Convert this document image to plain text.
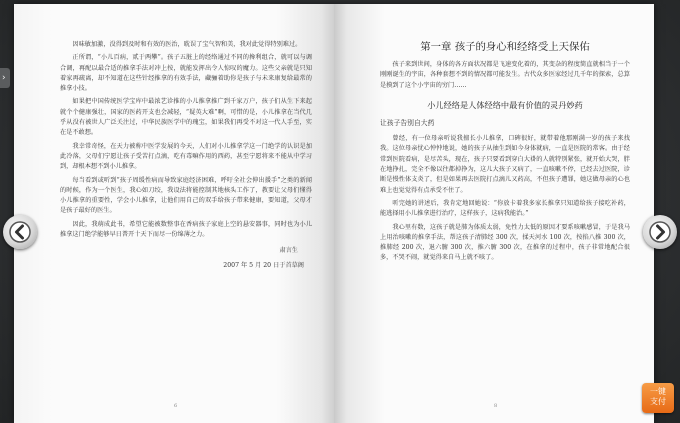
因味敏加激，没得到及时和有效的医治，耽误了宝气智和美，我对此觉得特别难过。

正所谓，“小儿百病，贰于两攀”。孩子五脏上的经络通过不同的搀利组合，就可以与调合调，再配以最合适的推拿手法对冲上按，就能发挥出令人惊叹的魔力。这些父亲就是只知着家再疏离，却不知道在这些针经推拿的有效手法，藏骊着助你是孩子与未来康复给最常的推拿小技。

如果把中国传统医学宝库中最浓艺诊推的小儿推拿推广到千家万户，孩子们从生下来起就个个健康强壮，国家的医药开支也会减轻，“疑英大难”啊，可惜的是，小儿推拿在当代几乎从没有被世人广泛关注过，中华民族医学中的瑰宝，如果我们再受不对这一代人手至，实在是不敢想。

我幸常奇怪，在天力被称中医学发展的今天，人们对小儿推拿学这一门绝学的认识是加此冷落，父母们宁愿让孩子受苦打点滴，吃有毒嘛作用的西药，甚至宁愿将来不能从中学习到，却根本想不到小儿推拿。

每当看到或听到“孩子周缓性病而导致家庭经济困难，呼吁全社会伸出援手”之类的新闻的时候，作为一个医生，我心如刀绞，我设法将能控制其地核头工作了，教要让父母们懂得小儿推拿的重要性，学会小儿推拿，让他们用自己的双手给孩子带来健康，要知道，父母才是孩子最好的医生。

因此，我萌成此书，希望它能被数整事在香病孩子家庭上空的悬安器事，同时也为小儿推拿这门绝学能够早日普开十天下而尽一份绵薄之力。

肃言生

2007 年 5 月 20 日于首草阁

6
第一章 孩子的身心和经络受上天保佑

孩子来到世间，身体的各方面状况都是飞速变化着的，其变杂的程度简直就相当于一个刚刚诞生的宇宙，各种套想不到的情况都可能发生。古代众多医家经过几千年的探索，总算是摸到了这个小宇宙的穷门……

小儿经络是人体经络中最有价值的灵丹妙药
让孩子告别自大药

曾经，有一位母亲听说我擅长小儿推拿，口碑很好，就带着他那刚满一岁的孩子来找我。这位母亲忧心忡忡地说，她的孩子从抽生到如今身体就病，一直是医院的常客。由于经常到医院看病，是尽苦头，现在，孩子只要看到穿白大褂的人就特别紧张，就开始大哭，胖在地挣扎，完全不像以往都掉挣为，这儿大孩子又病了，一直咳嗽不停，已经去过医院，诊断是慢性体支炎了，但是如果再去医院打点滴儿又药高，不但孩子遭罪，她这做母亲的心也难上也觉觉得有点承受不住了。

听完她的讲述后，我肯定地回她说：“你放卡着我多家长推拿只知道给孩子接吃补药，能逃择用小儿推拿进行治疗，这样孩子，这病我能治。”

我心里有数，这孩子就是肺为体质太弱，免性力太低的原因才要系咳嗽感冒，于是我马上用治咳嗽的推拿手法，帮这孩子清肺经 300 次，揉天河水 100 次，按掐八推 300 次，推肺经 200 次，退六腑 300 次，推六腑 300 次，在推拿的过程中，孩子非常地配合很多，不哭不闹，就觉得来自马上就不咳了。

8
›
一键
支付
